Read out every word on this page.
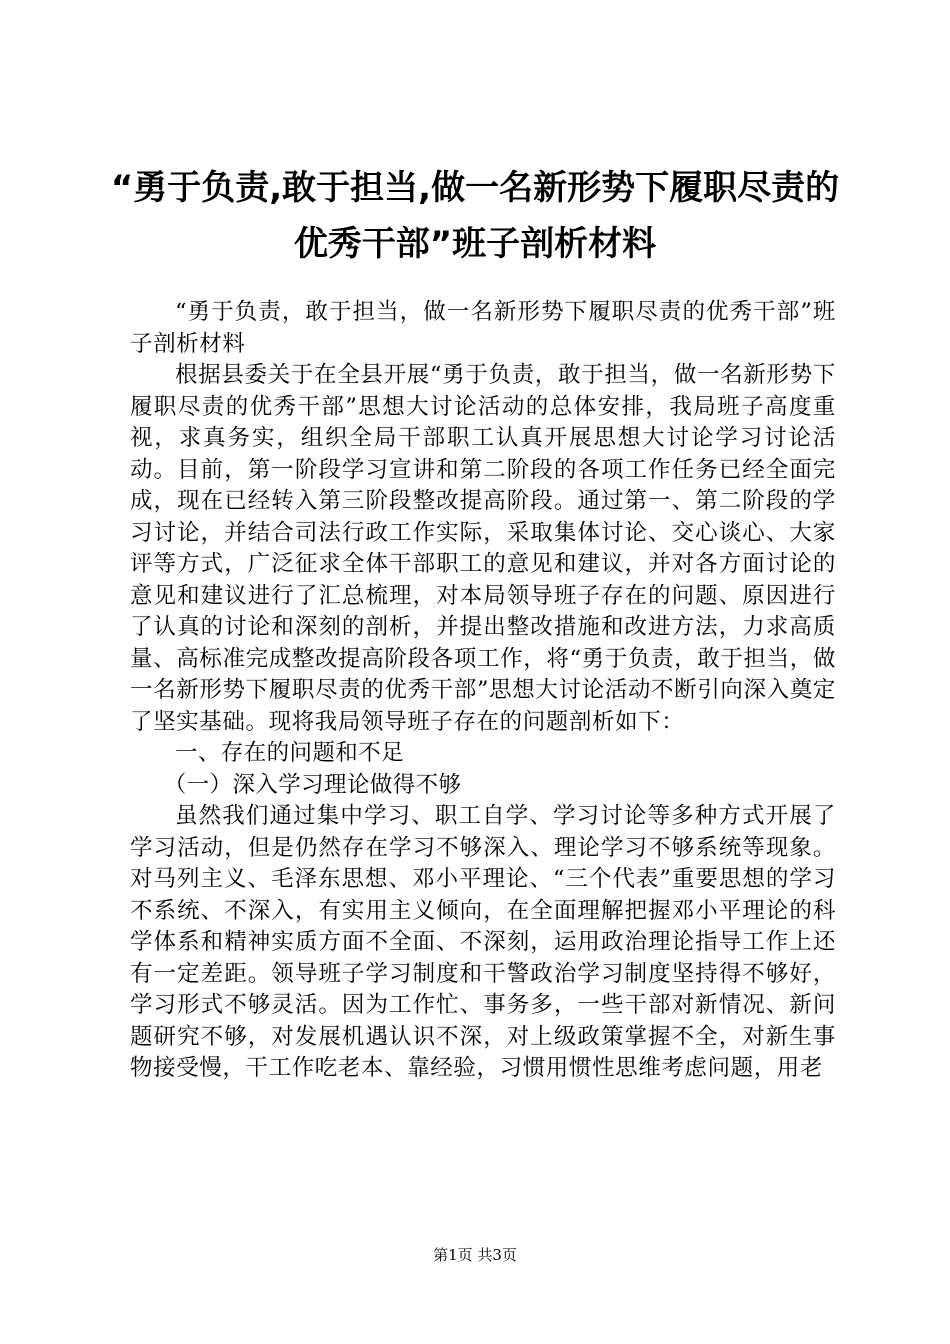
“勇于负责,敢于担当,做一名新形势下履职尽责的优秀干部”班子剖析材料

“勇于负责，敢于担当，做一名新形势下履职尽责的优秀干部”班子剖析材料

根据县委关于在全县开展“勇于负责，敢于担当，做一名新形势下履职尽责的优秀干部”思想大讨论活动的总体安排，我局班子高度重视，求真务实，组织全局干部职工认真开展思想大讨论学习讨论活动。目前，第一阶段学习宣讲和第二阶段的各项工作任务已经全面完成，现在已经转入第三阶段整改提高阶段。通过第一、第二阶段的学习讨论，并结合司法行政工作实际，采取集体讨论、交心谈心、大家评等方式，广泛征求全体干部职工的意见和建议，并对各方面讨论的意见和建议进行了汇总梳理，对本局领导班子存在的问题、原因进行了认真的讨论和深刻的剖析，并提出整改措施和改进方法，力求高质量、高标准完成整改提高阶段各项工作，将“勇于负责，敢于担当，做一名新形势下履职尽责的优秀干部”思想大讨论活动不断引向深入奠定了坚实基础。现将我局领导班子存在的问题剖析如下：

一、存在的问题和不足
（一）深入学习理论做得不够

虽然我们通过集中学习、职工自学、学习讨论等多种方式开展了学习活动，但是仍然存在学习不够深入、理论学习不够系统等现象。对马列主义、毛泽东思想、邓小平理论、“三个代表”重要思想的学习不系统、不深入，有实用主义倾向，在全面理解把握邓小平理论的科学体系和精神实质方面不全面、不深刻，运用政治理论指导工作上还有一定差距。领导班子学习制度和干警政治学习制度坚持得不够好，学习形式不够灵活。因为工作忙、事务多，一些干部对新情况、新问题研究不够，对发展机遇认识不深，对上级政策掌握不全，对新生事物接受慢，干工作吃老本、靠经验，习惯用惯性思维考虑问题，用老

第1页 共3页
